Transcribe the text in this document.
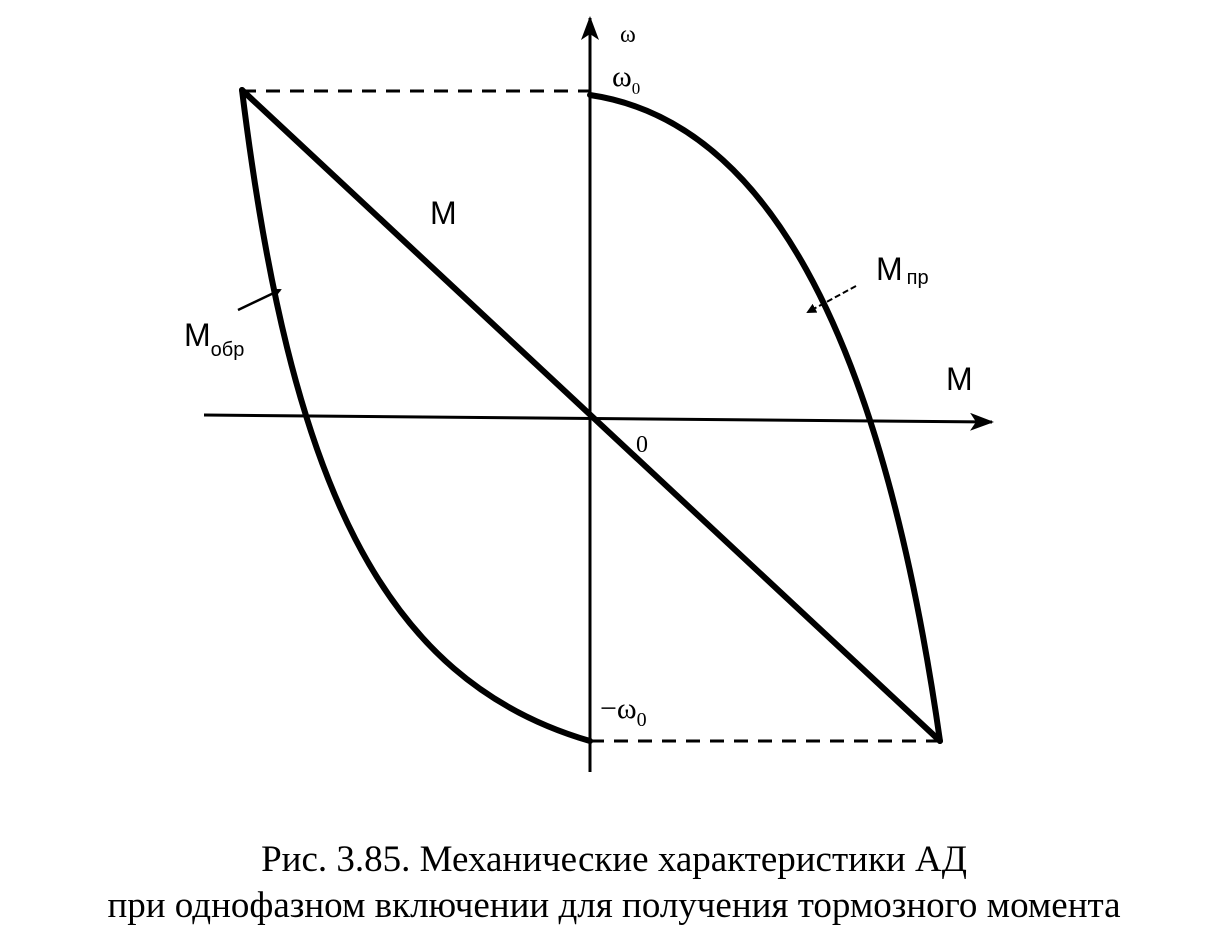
ω
$\omega_0$
M
Mпр
$M_{обр}$
M
0
$-\omega_0$
Рис. 3.85. Механические характеристики АД
при однофазном включении для получения тормозного момента
